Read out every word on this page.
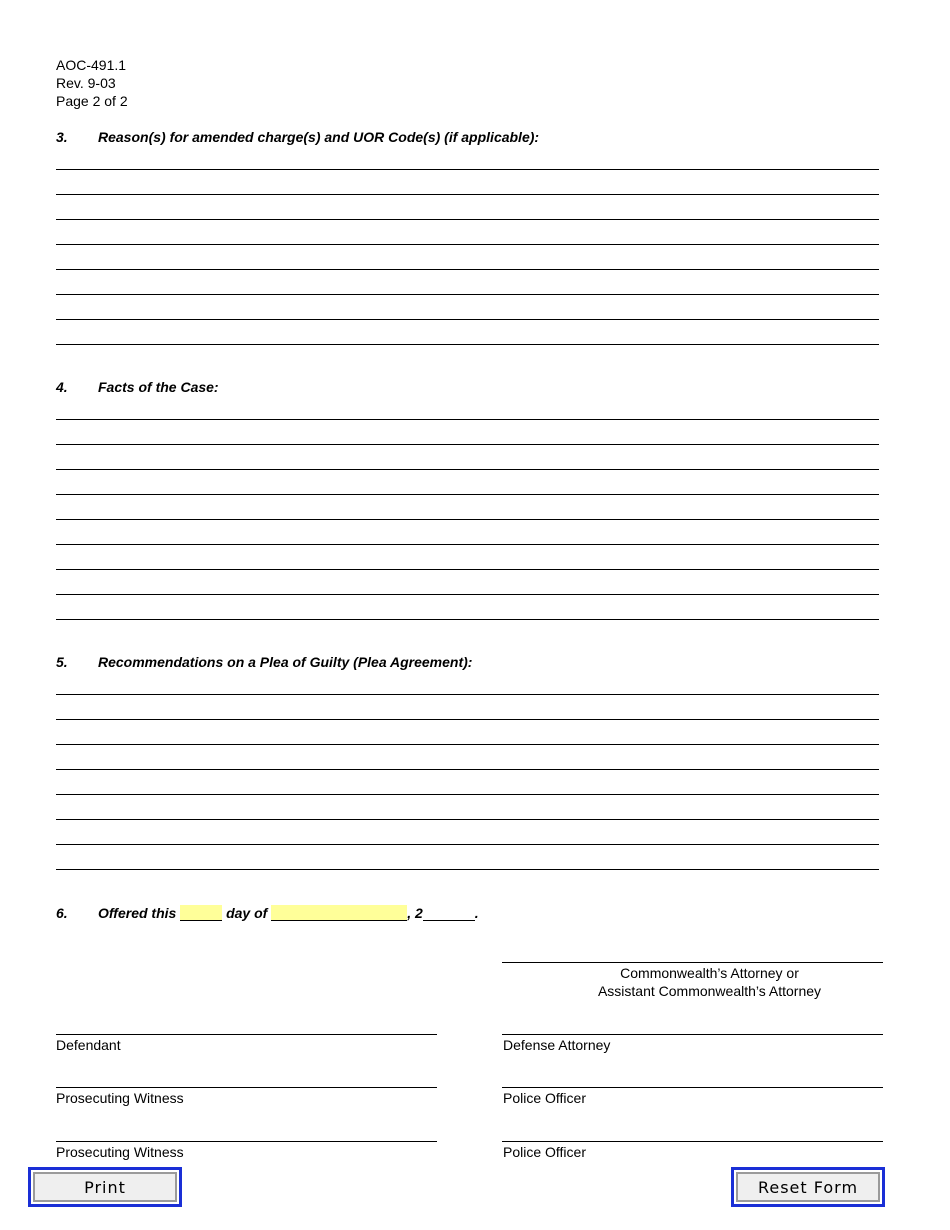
AOC-491.1
Rev. 9-03
Page 2 of 2
3. Reason(s) for amended charge(s) and UOR Code(s) (if applicable):
4. Facts of the Case:
5. Recommendations on a Plea of Guilty (Plea Agreement):
6. Offered this	day of	, 2	.
Commonwealth’s Attorney or
Assistant Commonwealth’s Attorney
Defendant	Defense Attorney
Prosecuting Witness	Police Officer
Prosecuting Witness	Police Officer
Print	Reset Form
